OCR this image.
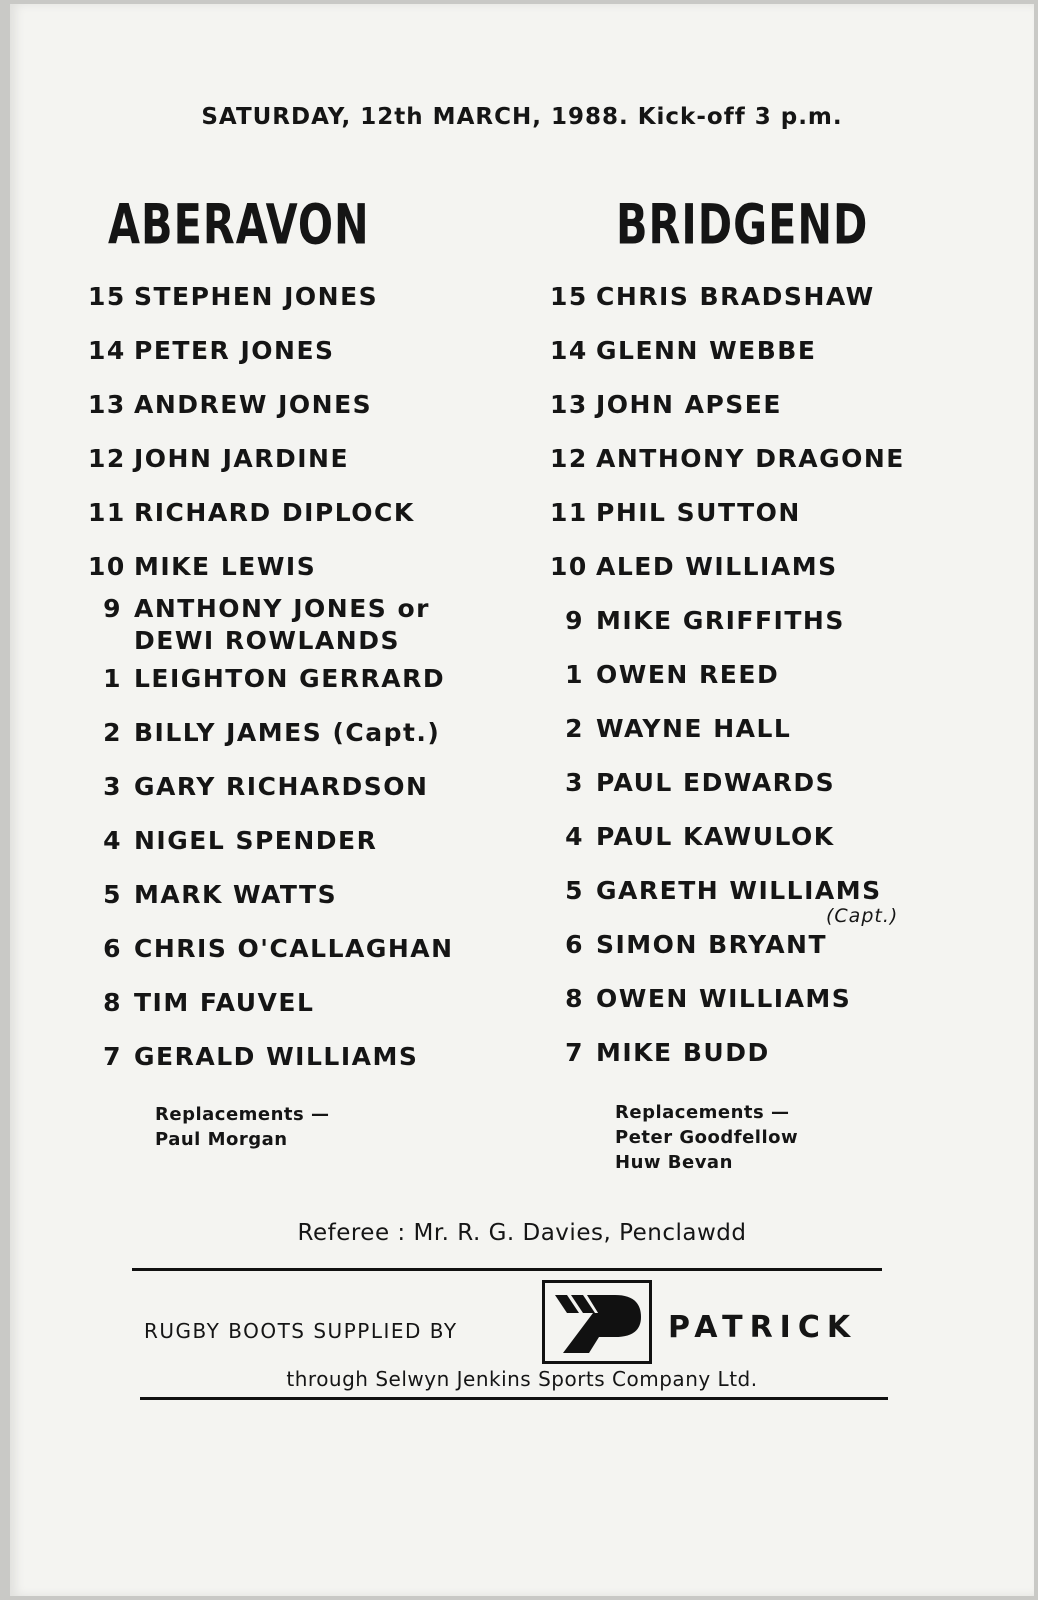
SATURDAY, 12th MARCH, 1988. Kick-off 3 p.m.
ABERAVON	BRIDGEND
15 STEPHEN JONES
14 PETER JONES
13 ANDREW JONES
12 JOHN JARDINE
11 RICHARD DIPLOCK
10 MIKE LEWIS
9 ANTHONY JONES or
DEWI ROWLANDS
1 LEIGHTON GERRARD
2 BILLY JAMES (Capt.)
3 GARY RICHARDSON
4 NIGEL SPENDER
5 MARK WATTS
6 CHRIS O'CALLAGHAN
8 TIM FAUVEL
7 GERALD WILLIAMS
15 CHRIS BRADSHAW
14 GLENN WEBBE
13 JOHN APSEE
12 ANTHONY DRAGONE
11 PHIL SUTTON
10 ALED WILLIAMS
9 MIKE GRIFFITHS
1 OWEN REED
2 WAYNE HALL
3 PAUL EDWARDS
4 PAUL KAWULOK
5 GARETH WILLIAMS
6 SIMON BRYANT
8 OWEN WILLIAMS
7 MIKE BUDD
(Capt.)
Replacements —
Paul Morgan
Replacements —
Peter Goodfellow
Huw Bevan
Referee : Mr. R. G. Davies, Penclawdd
RUGBY BOOTS SUPPLIED BY	PATRICK
through Selwyn Jenkins Sports Company Ltd.
